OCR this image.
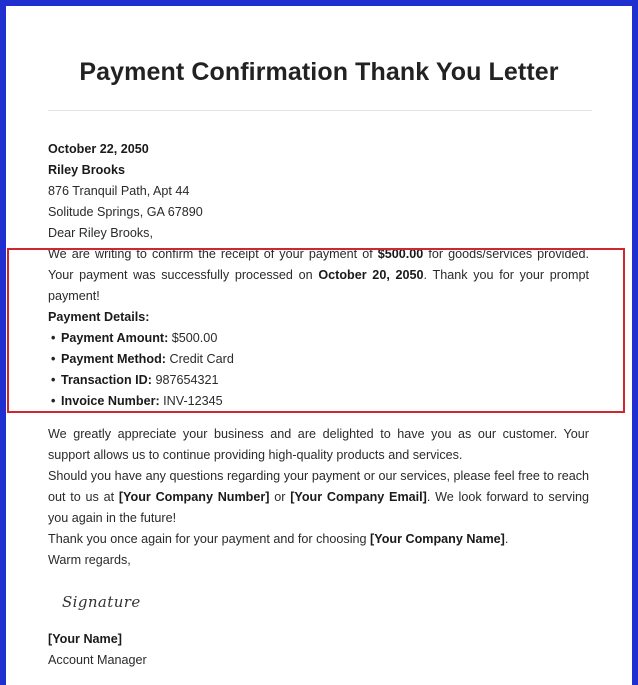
Payment Confirmation Thank You Letter

October 22, 2050

Riley Brooks

876 Tranquil Path, Apt 44

Solitude Springs, GA 67890

Dear Riley Brooks,

We are writing to confirm the receipt of your payment of $500.00 for goods/services provided. Your payment was successfully processed on October 20, 2050. Thank you for your prompt payment!

Payment Details:

• Payment Amount: $500.00
• Payment Method: Credit Card
• Transaction ID: 987654321
• Invoice Number: INV-12345

We greatly appreciate your business and are delighted to have you as our customer. Your support allows us to continue providing high-quality products and services.

Should you have any questions regarding your payment or our services, please feel free to reach out to us at [Your Company Number] or [Your Company Email]. We look forward to serving you again in the future!

Thank you once again for your payment and for choosing [Your Company Name].

Warm regards,

Signature

[Your Name]

Account Manager
